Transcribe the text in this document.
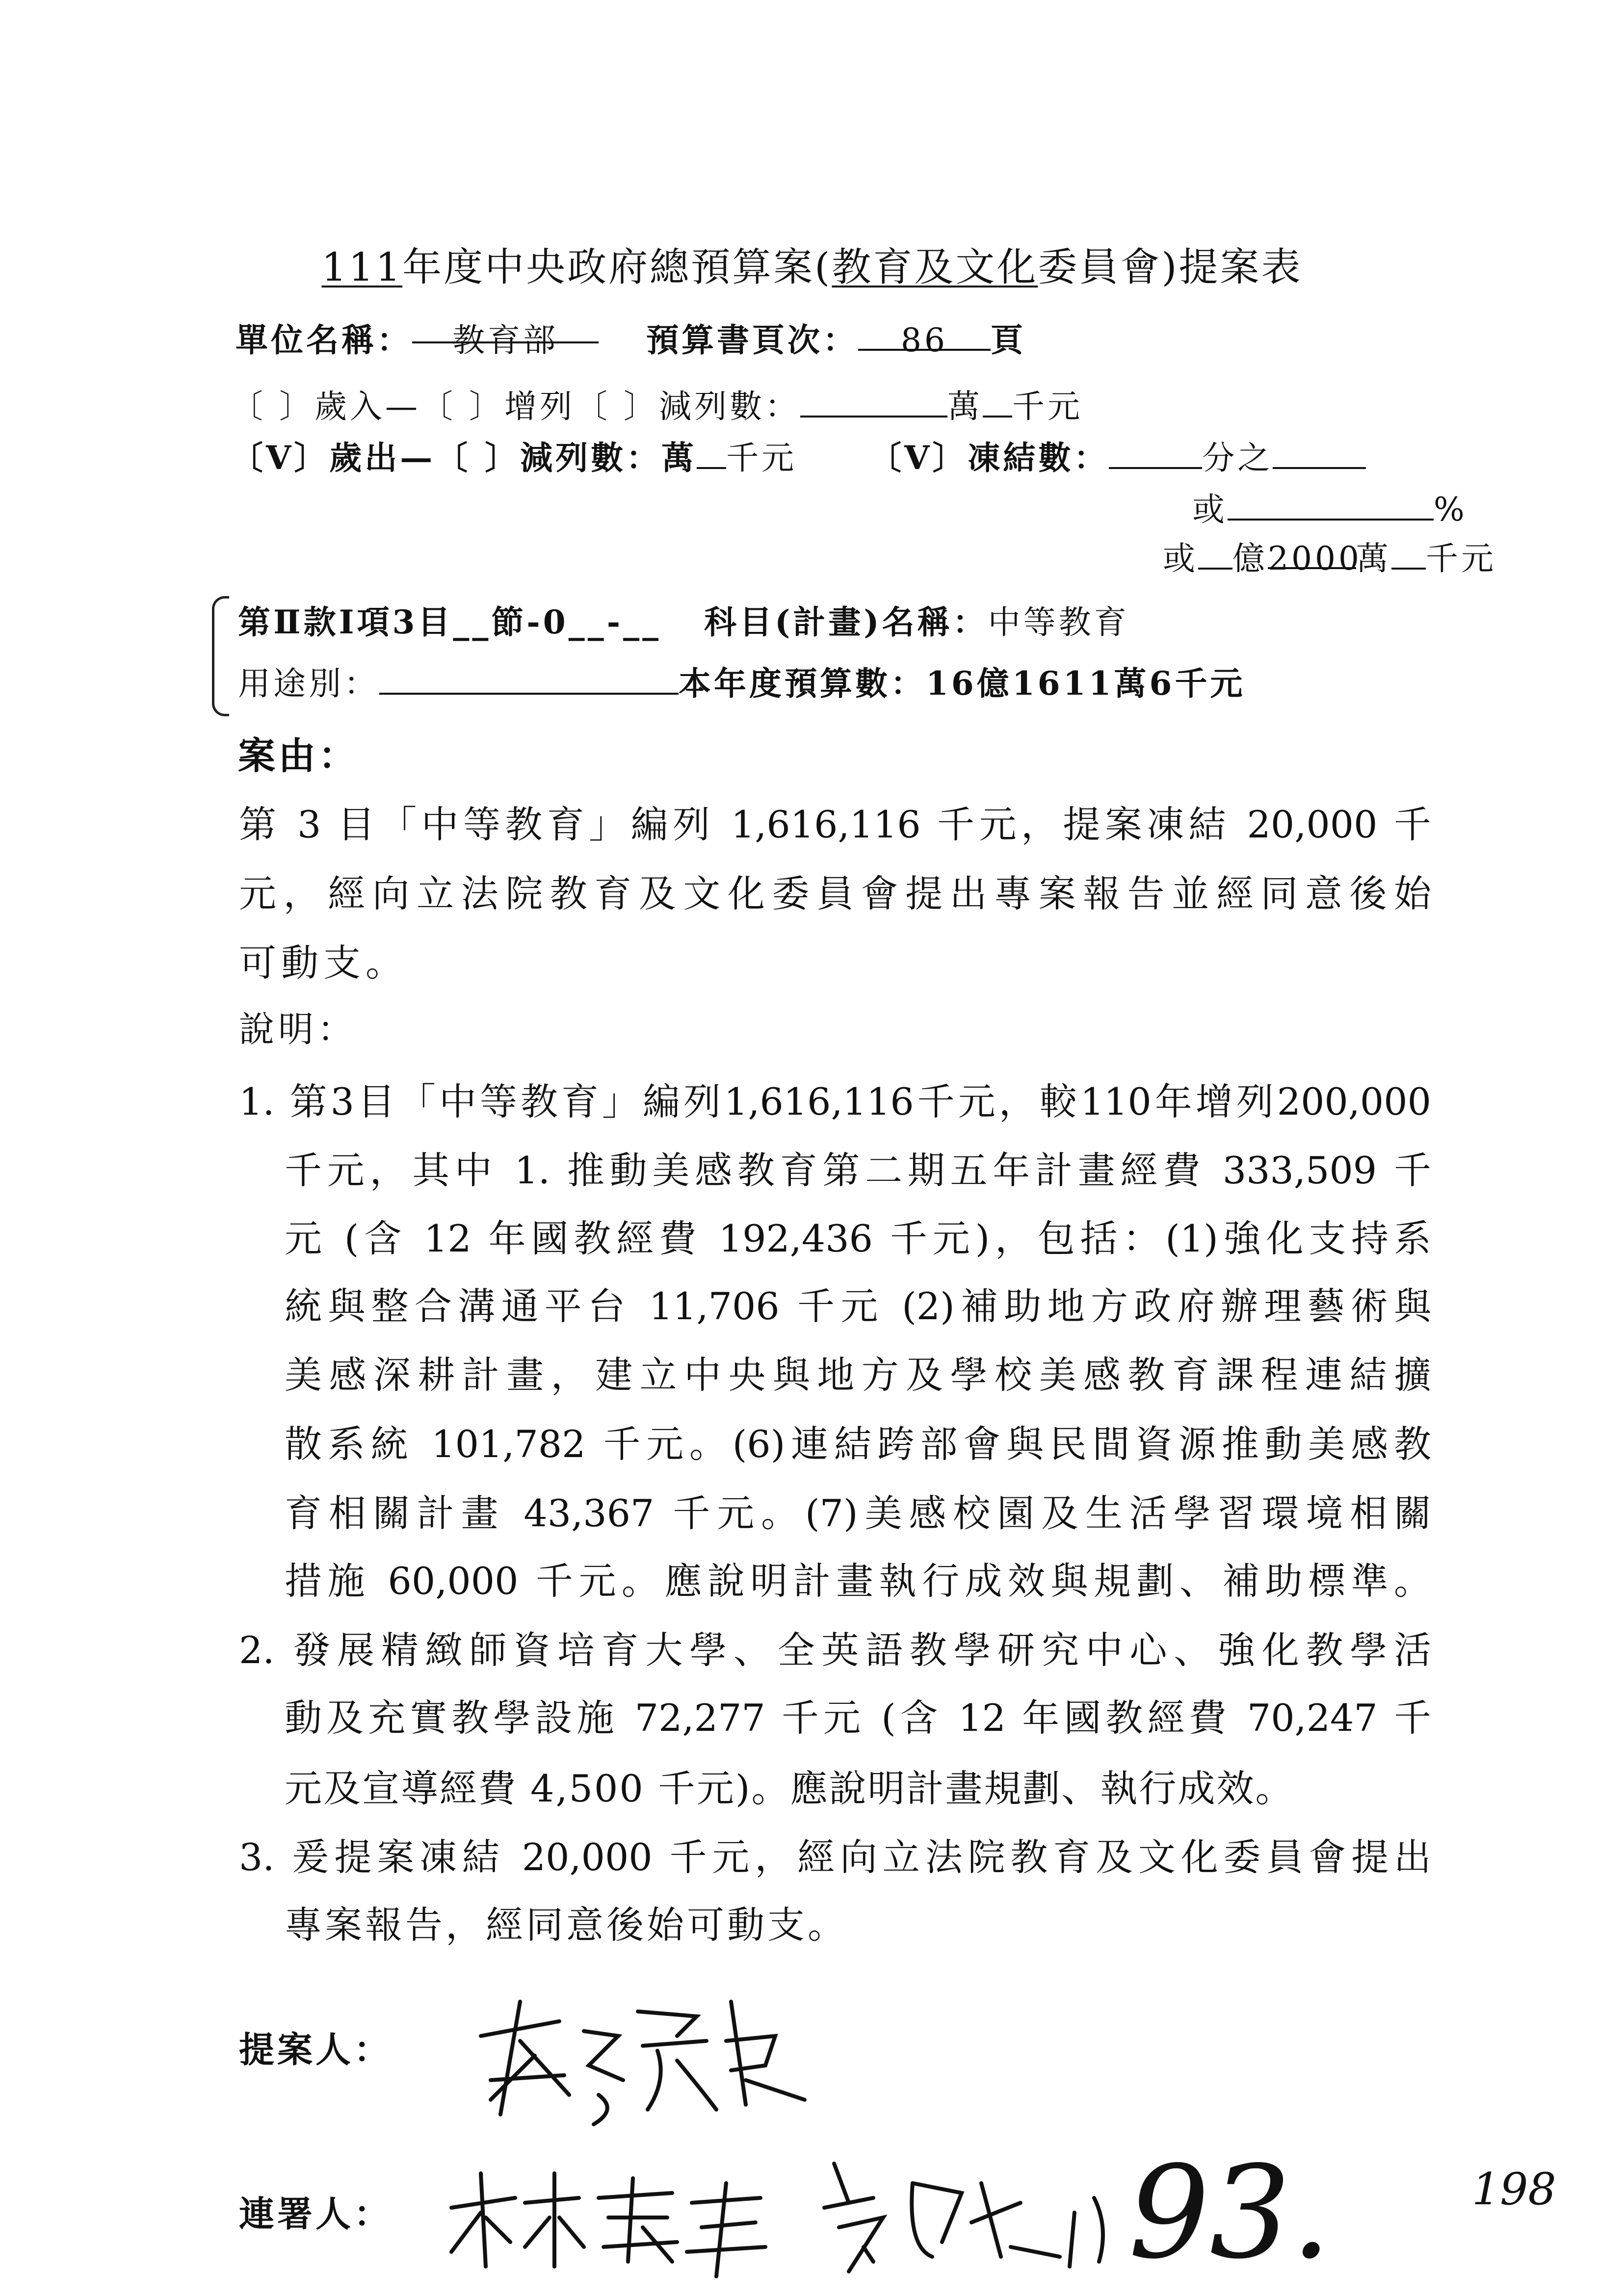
111年度中央政府總預算案(教育及文化委員會)提案表
單位名稱： 教育部	預算書頁次： 86 頁
〔 〕歲入—〔 〕增列〔 〕減列數：	萬 千元
〔V〕歲出—〔 〕減列數：萬 千元 〔V〕凍結數：	分之
或	%
或 億2000萬 千元
第Ⅱ款Ⅰ項3目__節-0__-__ 科目(計畫)名稱：中等教育
用途別：	本年度預算數：16億1611萬6千元
案由：
第 3 目「中等教育」編列 1,616,116 千元，提案凍結 20,000 千
元，經向立法院教育及文化委員會提出專案報告並經同意後始
可動支。
說明：
1. 第3目「中等教育」編列1,616,116千元，較110年增列200,000
千元，其中 1. 推動美感教育第二期五年計畫經費 333,509 千
元 (含 12 年國教經費 192,436 千元)，包括：(1)強化支持系
統與整合溝通平台 11,706 千元 (2)補助地方政府辦理藝術與
美感深耕計畫，建立中央與地方及學校美感教育課程連結擴
散系統 101,782 千元。(6)連結跨部會與民間資源推動美感教
育相關計畫 43,367 千元。(7)美感校園及生活學習環境相關
措施 60,000 千元。應說明計畫執行成效與規劃、補助標準。
2. 發展精緻師資培育大學、全英語教學研究中心、強化教學活
動及充實教學設施 72,277 千元 (含 12 年國教經費 70,247 千
元及宣導經費 4,500 千元)。應說明計畫規劃、執行成效。
3. 爰提案凍結 20,000 千元，經向立法院教育及文化委員會提出
專案報告，經同意後始可動支。
提案人：
連署人：	93.	198
